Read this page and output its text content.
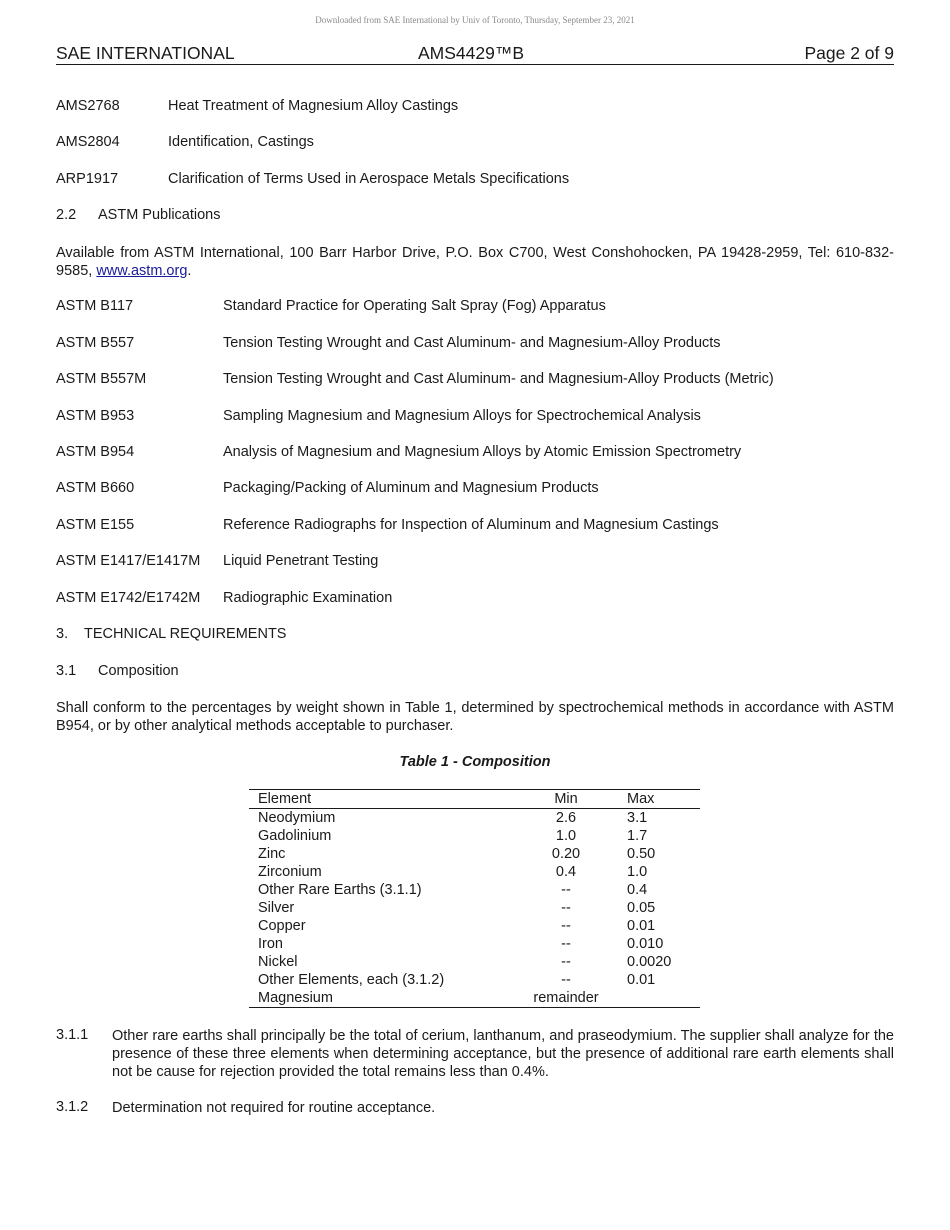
Downloaded from SAE International by Univ of Toronto, Thursday, September 23, 2021
SAE INTERNATIONAL	AMS4429™B	Page 2 of 9
AMS2768	Heat Treatment of Magnesium Alloy Castings
AMS2804	Identification, Castings
ARP1917	Clarification of Terms Used in Aerospace Metals Specifications
2.2 ASTM Publications
Available from ASTM International, 100 Barr Harbor Drive, P.O. Box C700, West Conshohocken, PA 19428-2959, Tel: 610-832-9585, www.astm.org.
ASTM B117	Standard Practice for Operating Salt Spray (Fog) Apparatus
ASTM B557	Tension Testing Wrought and Cast Aluminum- and Magnesium-Alloy Products
ASTM B557M	Tension Testing Wrought and Cast Aluminum- and Magnesium-Alloy Products (Metric)
ASTM B953	Sampling Magnesium and Magnesium Alloys for Spectrochemical Analysis
ASTM B954	Analysis of Magnesium and Magnesium Alloys by Atomic Emission Spectrometry
ASTM B660	Packaging/Packing of Aluminum and Magnesium Products
ASTM E155	Reference Radiographs for Inspection of Aluminum and Magnesium Castings
ASTM E1417/E1417M Liquid Penetrant Testing
ASTM E1742/E1742M Radiographic Examination
3. TECHNICAL REQUIREMENTS
3.1 Composition
Shall conform to the percentages by weight shown in Table 1, determined by spectrochemical methods in accordance with ASTM B954, or by other analytical methods acceptable to purchaser.
Table 1 - Composition
Element	Min	Max
Neodymium	2.6	3.1
Gadolinium	1.0	1.7
Zinc	0.20	0.50
Zirconium	0.4	1.0
Other Rare Earths (3.1.1)	--	0.4
Silver	--	0.05
Copper	--	0.01
Iron	--	0.010
Nickel	--	0.0020
Other Elements, each (3.1.2)	--	0.01
Magnesium	remainder	
3.1.1 Other rare earths shall principally be the total of cerium, lanthanum, and praseodymium. The supplier shall analyze for the presence of these three elements when determining acceptance, but the presence of additional rare earth elements shall not be cause for rejection provided the total remains less than 0.4%.
3.1.2 Determination not required for routine acceptance.
